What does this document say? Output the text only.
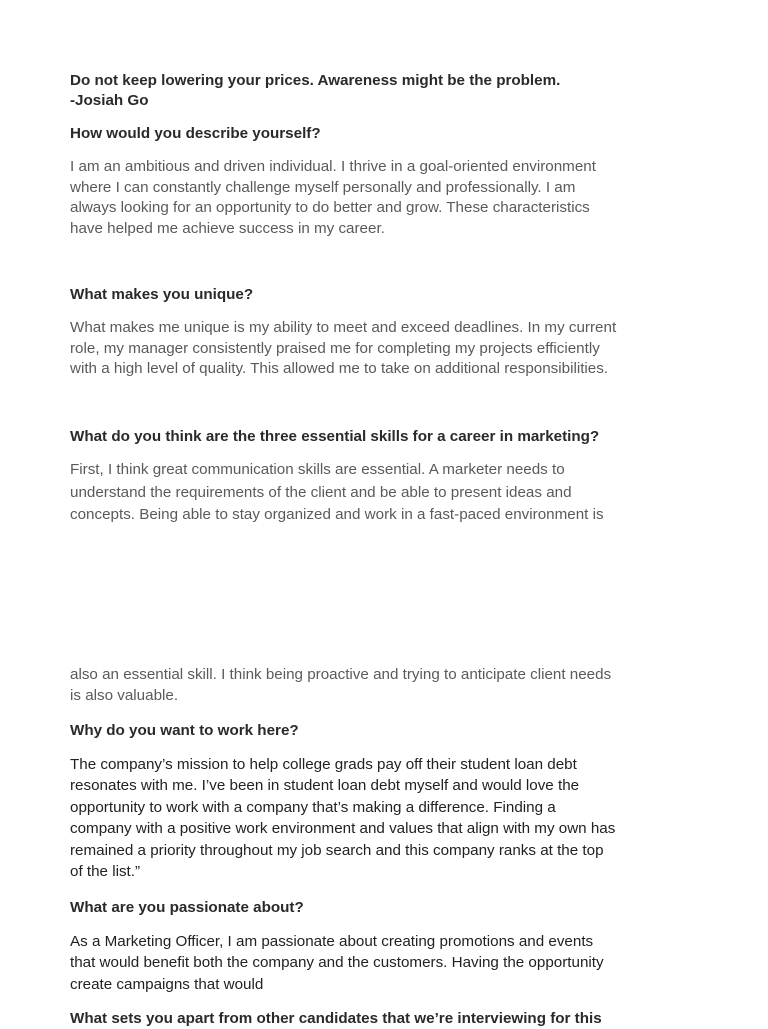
Do not keep lowering your prices. Awareness might be the problem.
-Josiah Go
How would you describe yourself?
I am an ambitious and driven individual. I thrive in a goal-oriented environment
where I can constantly challenge myself personally and professionally. I am
always looking for an opportunity to do better and grow. These characteristics
have helped me achieve success in my career.
What makes you unique?
What makes me unique is my ability to meet and exceed deadlines. In my current
role, my manager consistently praised me for completing my projects efficiently
with a high level of quality. This allowed me to take on additional responsibilities.
What do you think are the three essential skills for a career in marketing?
First, I think great communication skills are essential. A marketer needs to
understand the requirements of the client and be able to present ideas and
concepts. Being able to stay organized and work in a fast-paced environment is
also an essential skill. I think being proactive and trying to anticipate client needs
is also valuable.
Why do you want to work here?
The company’s mission to help college grads pay off their student loan debt
resonates with me. I’ve been in student loan debt myself and would love the
opportunity to work with a company that’s making a difference. Finding a
company with a positive work environment and values that align with my own has
remained a priority throughout my job search and this company ranks at the top
of the list.”
What are you passionate about?
As a Marketing Officer, I am passionate about creating promotions and events
that would benefit both the company and the customers. Having the opportunity
create campaigns that would
What sets you apart from other candidates that we’re interviewing for this
